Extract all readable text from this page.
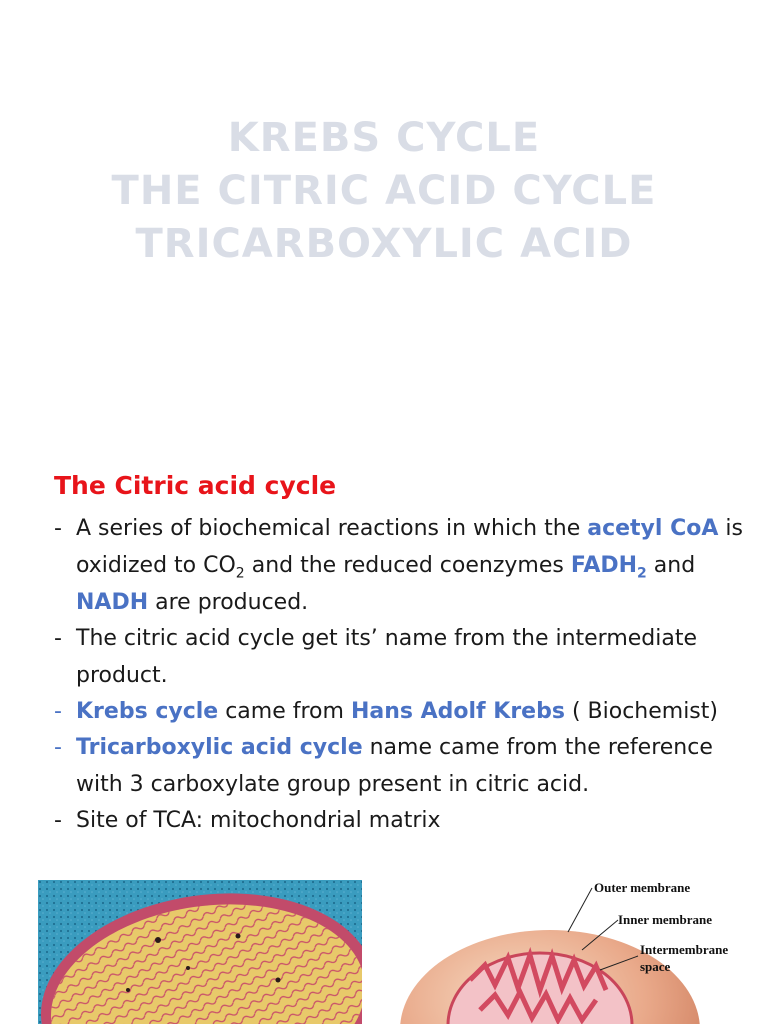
KREBS CYCLE
THE CITRIC ACID CYCLE
TRICARBOXYLIC ACID
The Citric acid cycle
- A series of biochemical reactions in which the acetyl CoA is oxidized to $CO_2$ and the reduced coenzymes $FADH_2$ and NADH are produced.
- The citric acid cycle get its’ name from the intermediate product.
- Krebs cycle came from Hans Adolf Krebs ( Biochemist)
- Tricarboxylic acid cycle name came from the reference with 3 carboxylate group present in citric acid.
- Site of TCA: mitochondrial matrix
Outer membrane
Inner membrane
Intermembrane
space
